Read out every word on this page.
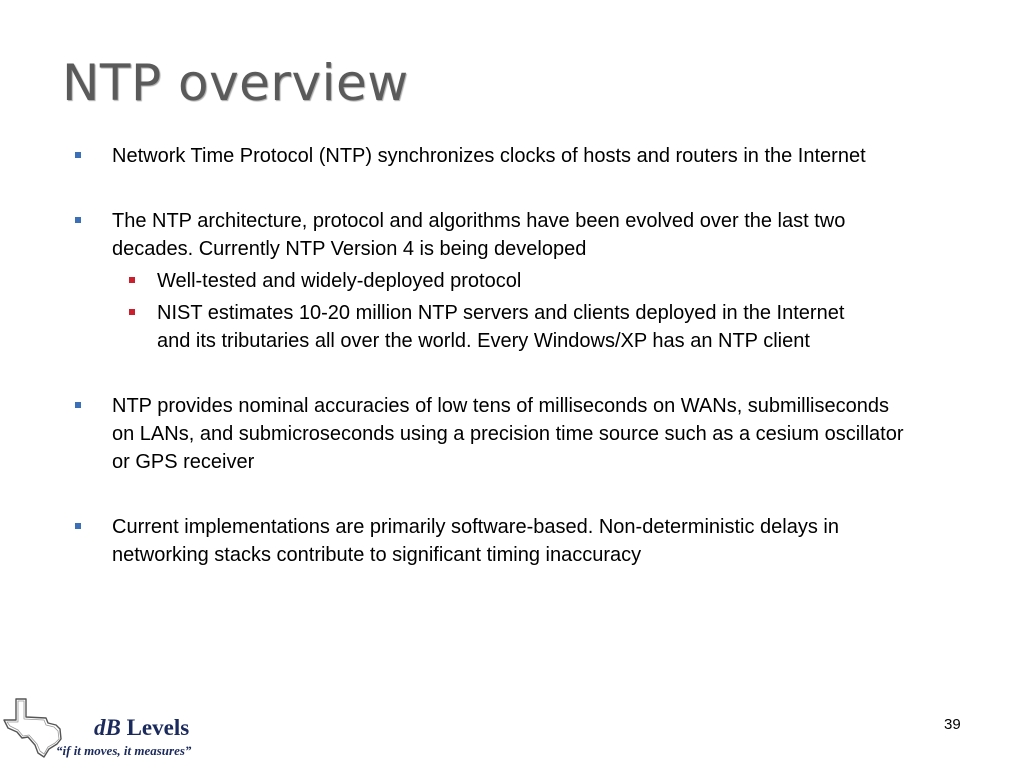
NTP overview
Network Time Protocol (NTP) synchronizes clocks of hosts and routers in the Internet
The NTP architecture, protocol and algorithms have been evolved over the last two decades. Currently NTP Version 4 is being developed
Well-tested and widely-deployed protocol
NIST estimates 10-20 million NTP servers and clients deployed in the Internet and its tributaries all over the world. Every Windows/XP has an NTP client
NTP provides nominal accuracies of low tens of milliseconds on WANs, submilliseconds on LANs, and submicroseconds using a precision time source such as a cesium oscillator or GPS receiver
Current implementations are primarily software-based. Non-deterministic delays in networking stacks contribute to significant timing inaccuracy
dB Levels
“if it moves, it measures”
39
